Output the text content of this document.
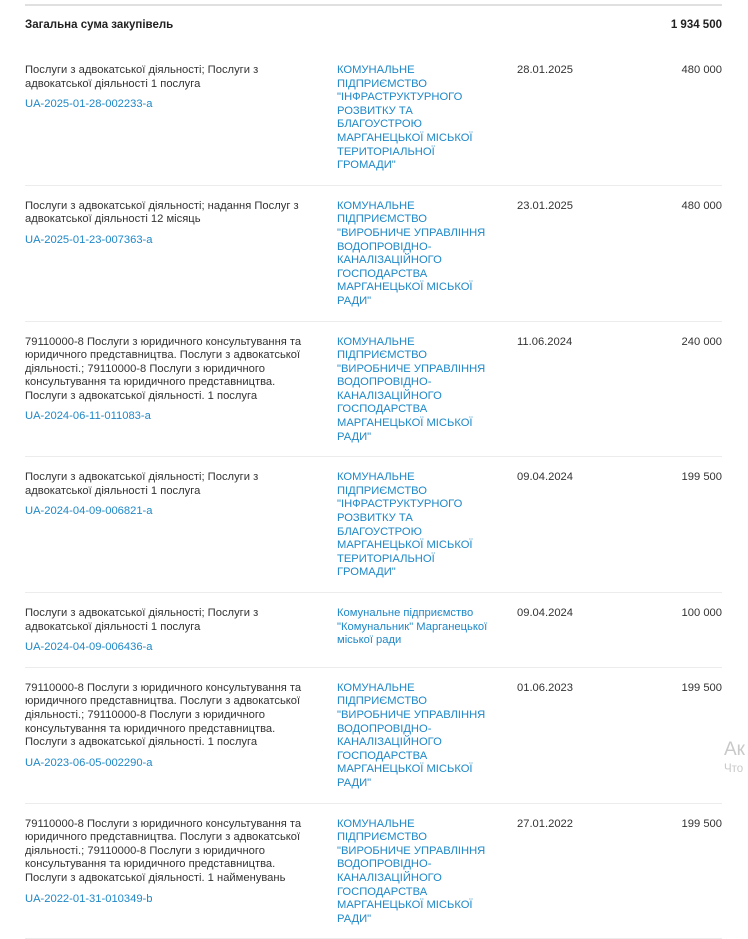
Загальна сума закупівель	1 934 500
Послуги з адвокатської діяльності; Послуги з адвокатської діяльності 1 послуга
UA-2025-01-28-002233-a
КОМУНАЛЬНЕ ПІДПРИЄМСТВО "ІНФРАСТРУКТУРНОГО РОЗВИТКУ ТА БЛАГОУСТРОЮ МАРГАНЕЦЬКОЇ МІСЬКОЇ ТЕРИТОРІАЛЬНОЇ ГРОМАДИ"
28.01.2025	480 000
Послуги з адвокатської діяльності; надання Послуг з адвокатської діяльності 12 місяць
UA-2025-01-23-007363-a
КОМУНАЛЬНЕ ПІДПРИЄМСТВО "ВИРОБНИЧЕ УПРАВЛІННЯ ВОДОПРОВІДНО-КАНАЛІЗАЦІЙНОГО ГОСПОДАРСТВА МАРГАНЕЦЬКОЇ МІСЬКОЇ РАДИ"
23.01.2025	480 000
79110000-8 Послуги з юридичного консультування та юридичного представництва. Послуги з адвокатської діяльності.; 79110000-8 Послуги з юридичного консультування та юридичного представництва. Послуги з адвокатської діяльності. 1 послуга
UA-2024-06-11-011083-a
КОМУНАЛЬНЕ ПІДПРИЄМСТВО "ВИРОБНИЧЕ УПРАВЛІННЯ ВОДОПРОВІДНО-КАНАЛІЗАЦІЙНОГО ГОСПОДАРСТВА МАРГАНЕЦЬКОЇ МІСЬКОЇ РАДИ"
11.06.2024	240 000
Послуги з адвокатської діяльності; Послуги з адвокатської діяльності 1 послуга
UA-2024-04-09-006821-a
КОМУНАЛЬНЕ ПІДПРИЄМСТВО "ІНФРАСТРУКТУРНОГО РОЗВИТКУ ТА БЛАГОУСТРОЮ МАРГАНЕЦЬКОЇ МІСЬКОЇ ТЕРИТОРІАЛЬНОЇ ГРОМАДИ"
09.04.2024	199 500
Послуги з адвокатської діяльності; Послуги з адвокатської діяльності 1 послуга
UA-2024-04-09-006436-a
Комунальне підприємство "Комунальник" Марганецької міської ради
09.04.2024	100 000
79110000-8 Послуги з юридичного консультування та юридичного представництва. Послуги з адвокатської діяльності.; 79110000-8 Послуги з юридичного консультування та юридичного представництва. Послуги з адвокатської діяльності. 1 послуга
UA-2023-06-05-002290-a
КОМУНАЛЬНЕ ПІДПРИЄМСТВО "ВИРОБНИЧЕ УПРАВЛІННЯ ВОДОПРОВІДНО-КАНАЛІЗАЦІЙНОГО ГОСПОДАРСТВА МАРГАНЕЦЬКОЇ МІСЬКОЇ РАДИ"
01.06.2023	199 500
79110000-8 Послуги з юридичного консультування та юридичного представництва. Послуги з адвокатської діяльності.; 79110000-8 Послуги з юридичного консультування та юридичного представництва. Послуги з адвокатської діяльності. 1 найменувань
UA-2022-01-31-010349-b
КОМУНАЛЬНЕ ПІДПРИЄМСТВО "ВИРОБНИЧЕ УПРАВЛІННЯ ВОДОПРОВІДНО-КАНАЛІЗАЦІЙНОГО ГОСПОДАРСТВА МАРГАНЕЦЬКОЇ МІСЬКОЇ РАДИ"
27.01.2022	199 500
Ак
Что
